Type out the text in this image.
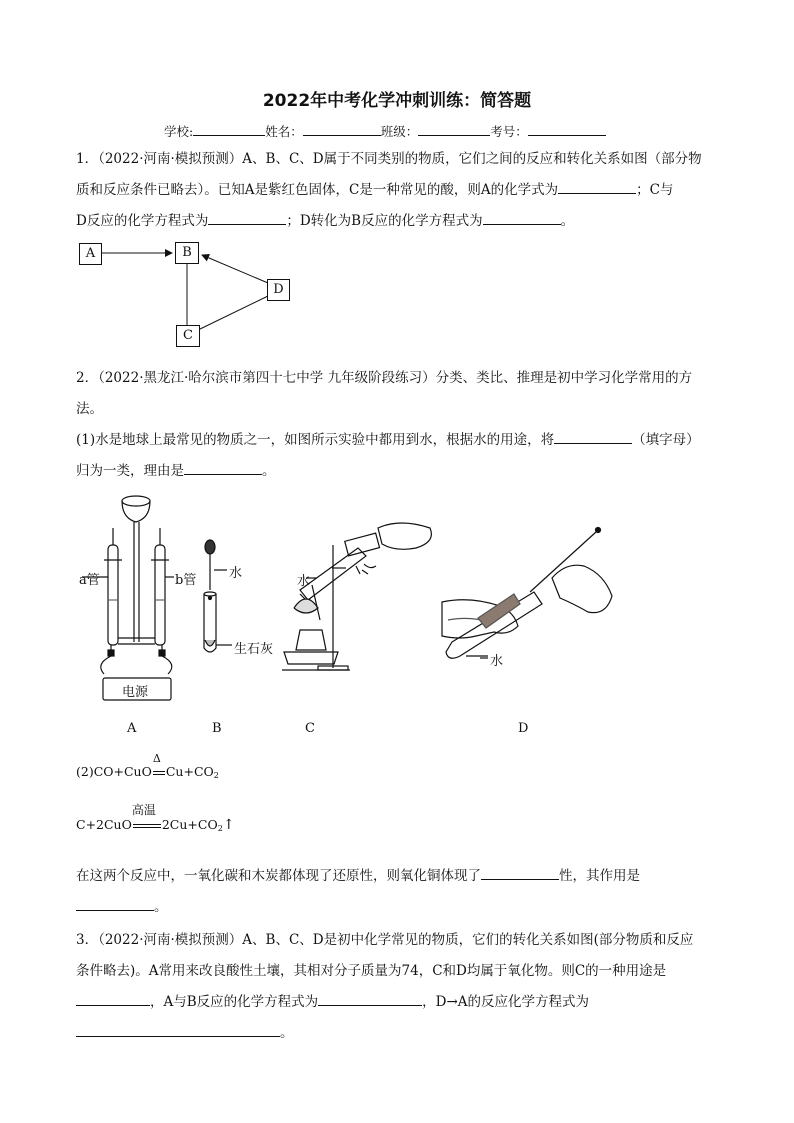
2022年中考化学冲刺训练：简答题
学校:	姓名：	班级：	考号：
1．（2022·河南·模拟预测）A、B、C、D属于不同类别的物质，它们之间的反应和转化关系如图（部分物
质和反应条件已略去）。已知A是紫红色固体，C是一种常见的酸，则A的化学式为	；C与
D反应的化学方程式为	；D转化为B反应的化学方程式为	。
A	B
D
C
2．（2022·黑龙江·哈尔滨市第四十七中学 九年级阶段练习）分类、类比、推理是初中学习化学常用的方
法。
(1)水是地球上最常见的物质之一，如图所示实验中都用到水，根据水的用途，将	（填字母）
归为一类，理由是	。
a管	b管
电源
水
生石灰
水
水
A	B	C	D
(2)CO+CuO
Δ
$Cu+CO_2$
C+2CuO
高温
$2Cu+CO_2↑$
在这两个反应中，一氧化碳和木炭都体现了还原性，则氧化铜体现了	性，其作用是
。
3．（2022·河南·模拟预测）A、B、C、D是初中化学常见的物质，它们的转化关系如图(部分物质和反应
条件略去)。A常用来改良酸性土壤，其相对分子质量为74，C和D均属于氧化物。则C的一种用途是
，A与B反应的化学方程式为	，D→A的反应化学方程式为
。
